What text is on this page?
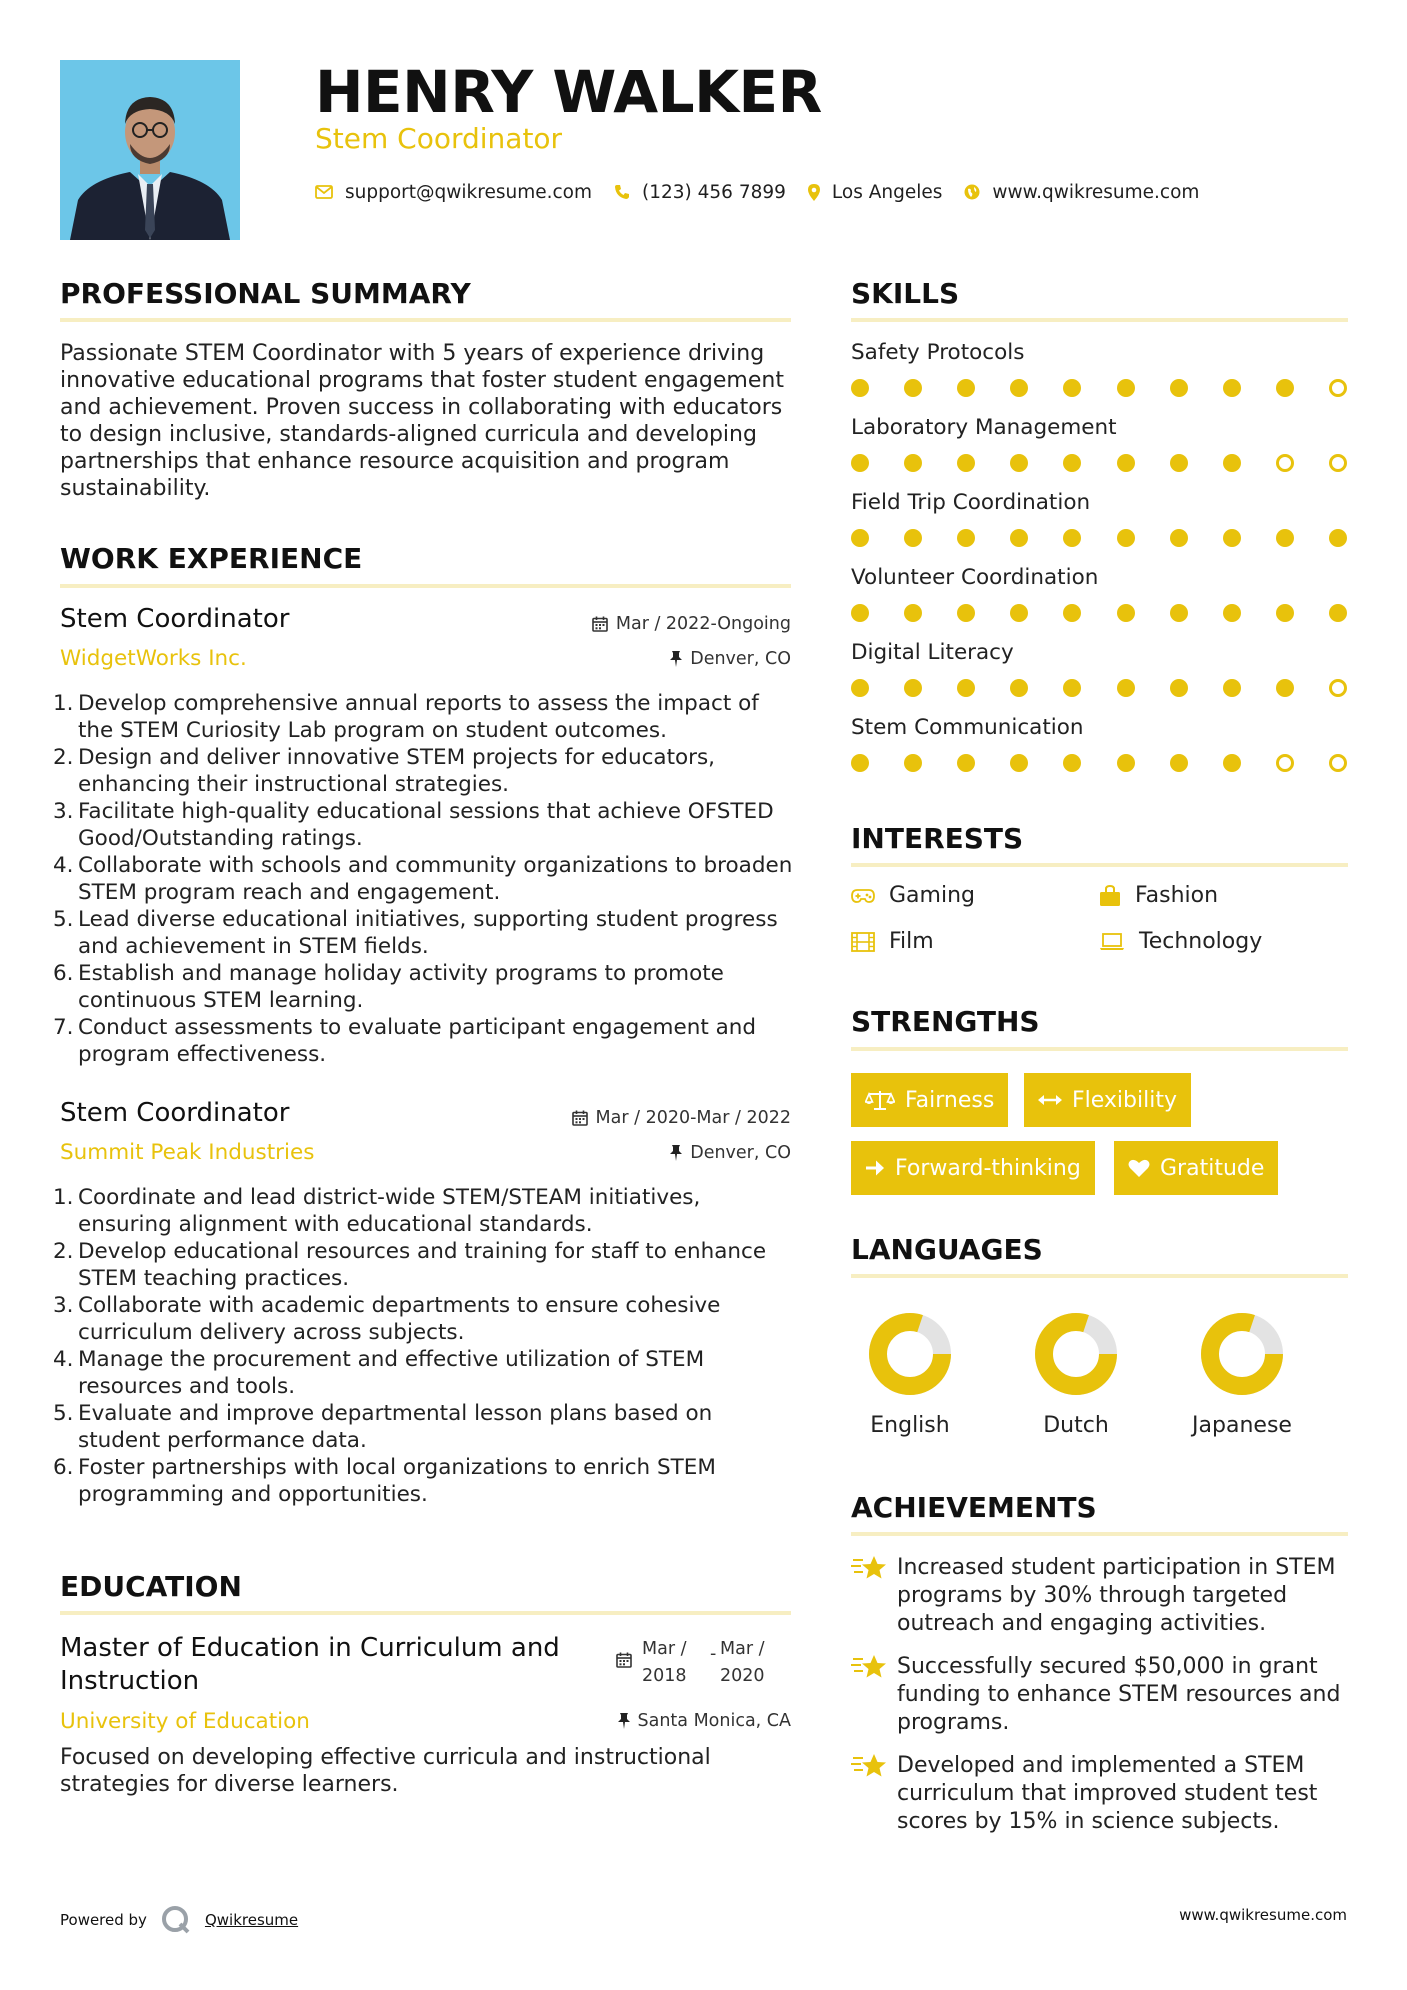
HENRY WALKER
Stem Coordinator
support@qwikresume.com	(123) 456 7899 Los Angeles	www.qwikresume.com
PROFESSIONAL SUMMARY
Passionate STEM Coordinator with 5 years of experience driving innovative educational programs that foster student engagement and achievement. Proven success in collaborating with educators to design inclusive, standards-aligned curricula and developing partnerships that enhance resource acquisition and program sustainability.
WORK EXPERIENCE
Stem Coordinator	Mar / 2022-Ongoing
WidgetWorks Inc.	Denver, CO
1. Develop comprehensive annual reports to assess the impact of the STEM Curiosity Lab program on student outcomes.
2. Design and deliver innovative STEM projects for educators, enhancing their instructional strategies.
3. Facilitate high-quality educational sessions that achieve OFSTED Good/Outstanding ratings.
4. Collaborate with schools and community organizations to broaden STEM program reach and engagement.
5. Lead diverse educational initiatives, supporting student progress and achievement in STEM fields.
6. Establish and manage holiday activity programs to promote continuous STEM learning.
7. Conduct assessments to evaluate participant engagement and program effectiveness.
Stem Coordinator	Mar / 2020-Mar / 2022
Summit Peak Industries	Denver, CO
1. Coordinate and lead district-wide STEM/STEAM initiatives, ensuring alignment with educational standards.
2. Develop educational resources and training for staff to enhance STEM teaching practices.
3. Collaborate with academic departments to ensure cohesive curriculum delivery across subjects.
4. Manage the procurement and effective utilization of STEM resources and tools.
5. Evaluate and improve departmental lesson plans based on student performance data.
6. Foster partnerships with local organizations to enrich STEM programming and opportunities.
EDUCATION
Master of Education in Curriculum and Instruction
Mar /
2018
- Mar /
2020
University of Education	Santa Monica, CA
Focused on developing effective curricula and instructional strategies for diverse learners.
SKILLS
Safety Protocols
Laboratory Management
Field Trip Coordination
Volunteer Coordination
Digital Literacy
Stem Communication
INTERESTS
Gaming	Fashion
Film	Technology
STRENGTHS
Fairness	Flexibility
Forward-thinking	Gratitude
LANGUAGES
English	Dutch	Japanese
ACHIEVEMENTS
Increased student participation in STEM programs by 30% through targeted outreach and engaging activities.
Successfully secured $50,000 in grant funding to enhance STEM resources and programs.
Developed and implemented a STEM curriculum that improved student test scores by 15% in science subjects.
Powered by	Qwikresume	www.qwikresume.com
